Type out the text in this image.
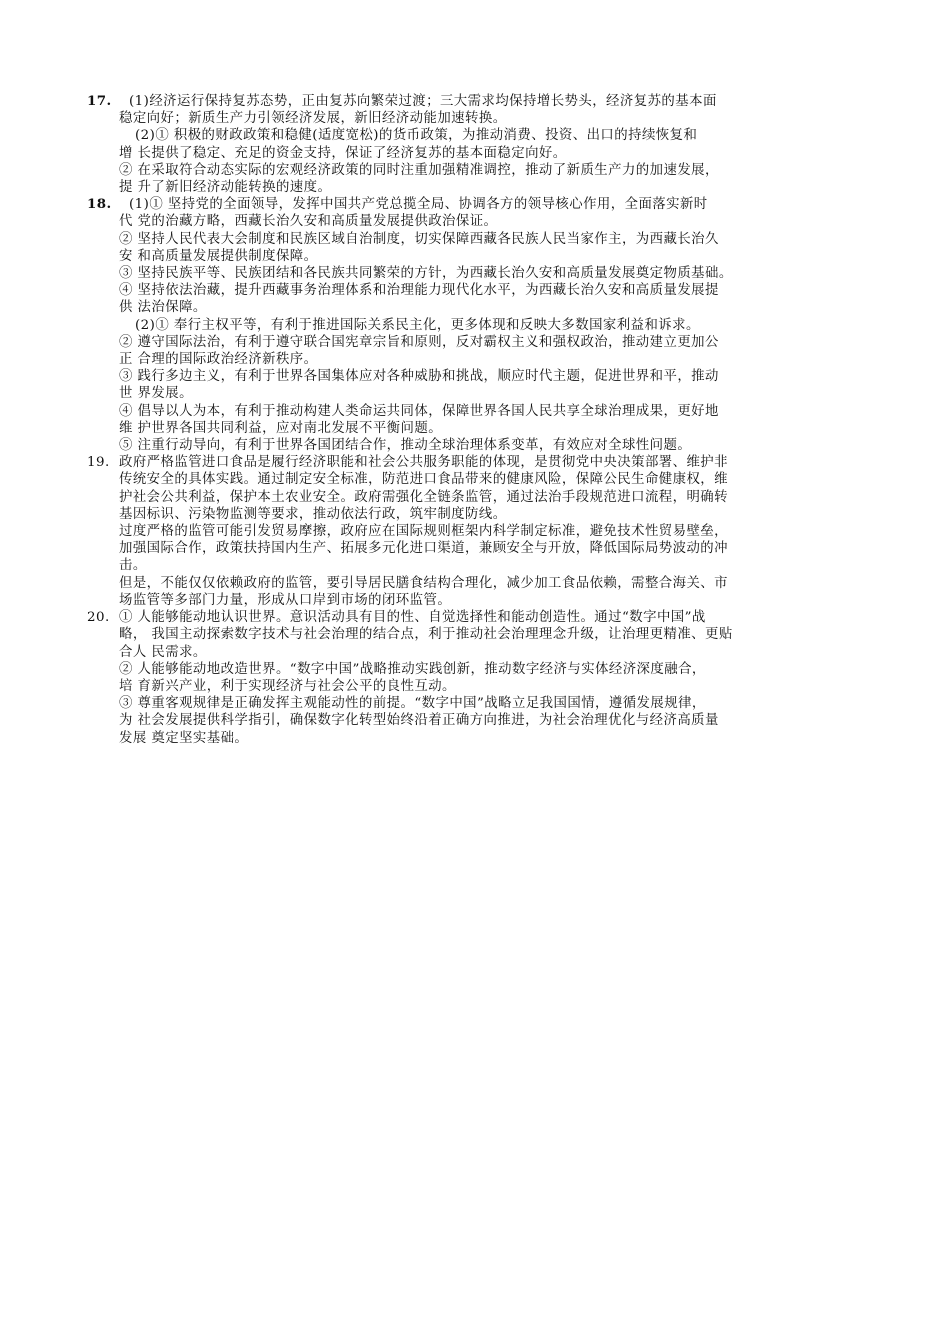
17.	(1)经济运行保持复苏态势，正由复苏向繁荣过渡；三大需求均保持增长势头，经济复苏的基本面
稳定向好；新质生产力引领经济发展，新旧经济动能加速转换。
(2)① 积极的财政政策和稳健(适度宽松)的货币政策，为推动消费、投资、出口的持续恢复和
增 长提供了稳定、充足的资金支持，保证了经济复苏的基本面稳定向好。
② 在采取符合动态实际的宏观经济政策的同时注重加强精准调控，推动了新质生产力的加速发展，
提 升了新旧经济动能转换的速度。
18.	(1)① 坚持党的全面领导，发挥中国共产党总揽全局、协调各方的领导核心作用，全面落实新时
代 党的治藏方略，西藏长治久安和高质量发展提供政治保证。
② 坚持人民代表大会制度和民族区域自治制度，切实保障西藏各民族人民当家作主，为西藏长治久
安 和高质量发展提供制度保障。
③ 坚持民族平等、民族团结和各民族共同繁荣的方针，为西藏长治久安和高质量发展奠定物质基础。
④ 坚持依法治藏，提升西藏事务治理体系和治理能力现代化水平，为西藏长治久安和高质量发展提
供 法治保障。
(2)① 奉行主权平等，有利于推进国际关系民主化，更多体现和反映大多数国家利益和诉求。
② 遵守国际法治，有利于遵守联合国宪章宗旨和原则，反对霸权主义和强权政治，推动建立更加公
正 合理的国际政治经济新秩序。
③ 践行多边主义，有利于世界各国集体应对各种威胁和挑战，顺应时代主题，促进世界和平，推动
世 界发展。
④ 倡导以人为本，有利于推动构建人类命运共同体，保障世界各国人民共享全球治理成果，更好地
维 护世界各国共同利益，应对南北发展不平衡问题。
⑤ 注重行动导向，有利于世界各国团结合作，推动全球治理体系变革，有效应对全球性问题。
19. 政府严格监管进口食品是履行经济职能和社会公共服务职能的体现，是贯彻党中央决策部署、维护非
传统安全的具体实践。通过制定安全标准，防范进口食品带来的健康风险，保障公民生命健康权，维
护社会公共利益，保护本土农业安全。政府需强化全链条监管，通过法治手段规范进口流程，明确转
基因标识、污染物监测等要求，推动依法行政，筑牢制度防线。
过度严格的监管可能引发贸易摩擦，政府应在国际规则框架内科学制定标准，避免技术性贸易壁垒，
加强国际合作，政策扶持国内生产、拓展多元化进口渠道，兼顾安全与开放，降低国际局势波动的冲
击。
但是，不能仅仅依赖政府的监管，要引导居民膳食结构合理化，减少加工食品依赖，需整合海关、市
场监管等多部门力量，形成从口岸到市场的闭环监管。
20. ① 人能够能动地认识世界。意识活动具有目的性、自觉选择性和能动创造性。通过“数字中国”战
略， 我国主动探索数字技术与社会治理的结合点，利于推动社会治理理念升级，让治理更精准、更贴
合人 民需求。
② 人能够能动地改造世界。“数字中国”战略推动实践创新，推动数字经济与实体经济深度融合，
培 育新兴产业，利于实现经济与社会公平的良性互动。
③ 尊重客观规律是正确发挥主观能动性的前提。“数字中国”战略立足我国国情，遵循发展规律，
为 社会发展提供科学指引，确保数字化转型始终沿着正确方向推进，为社会治理优化与经济高质量
发展 奠定坚实基础。
